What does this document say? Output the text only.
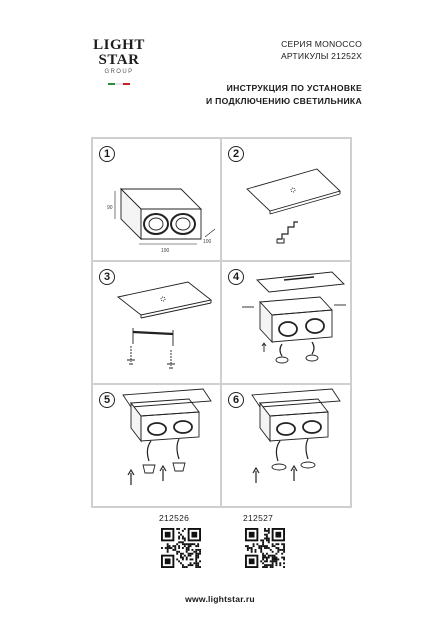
LIGHT
STAR
GROUP
СЕРИЯ MONOCCO
АРТИКУЛЫ 21252X
ИНСТРУКЦИЯ ПО УСТАНОВКЕ
И ПОДКЛЮЧЕНИЮ СВЕТИЛЬНИКА
1
90
190
100
2
3	4
5	6
212526	212527
www.lightstar.ru
